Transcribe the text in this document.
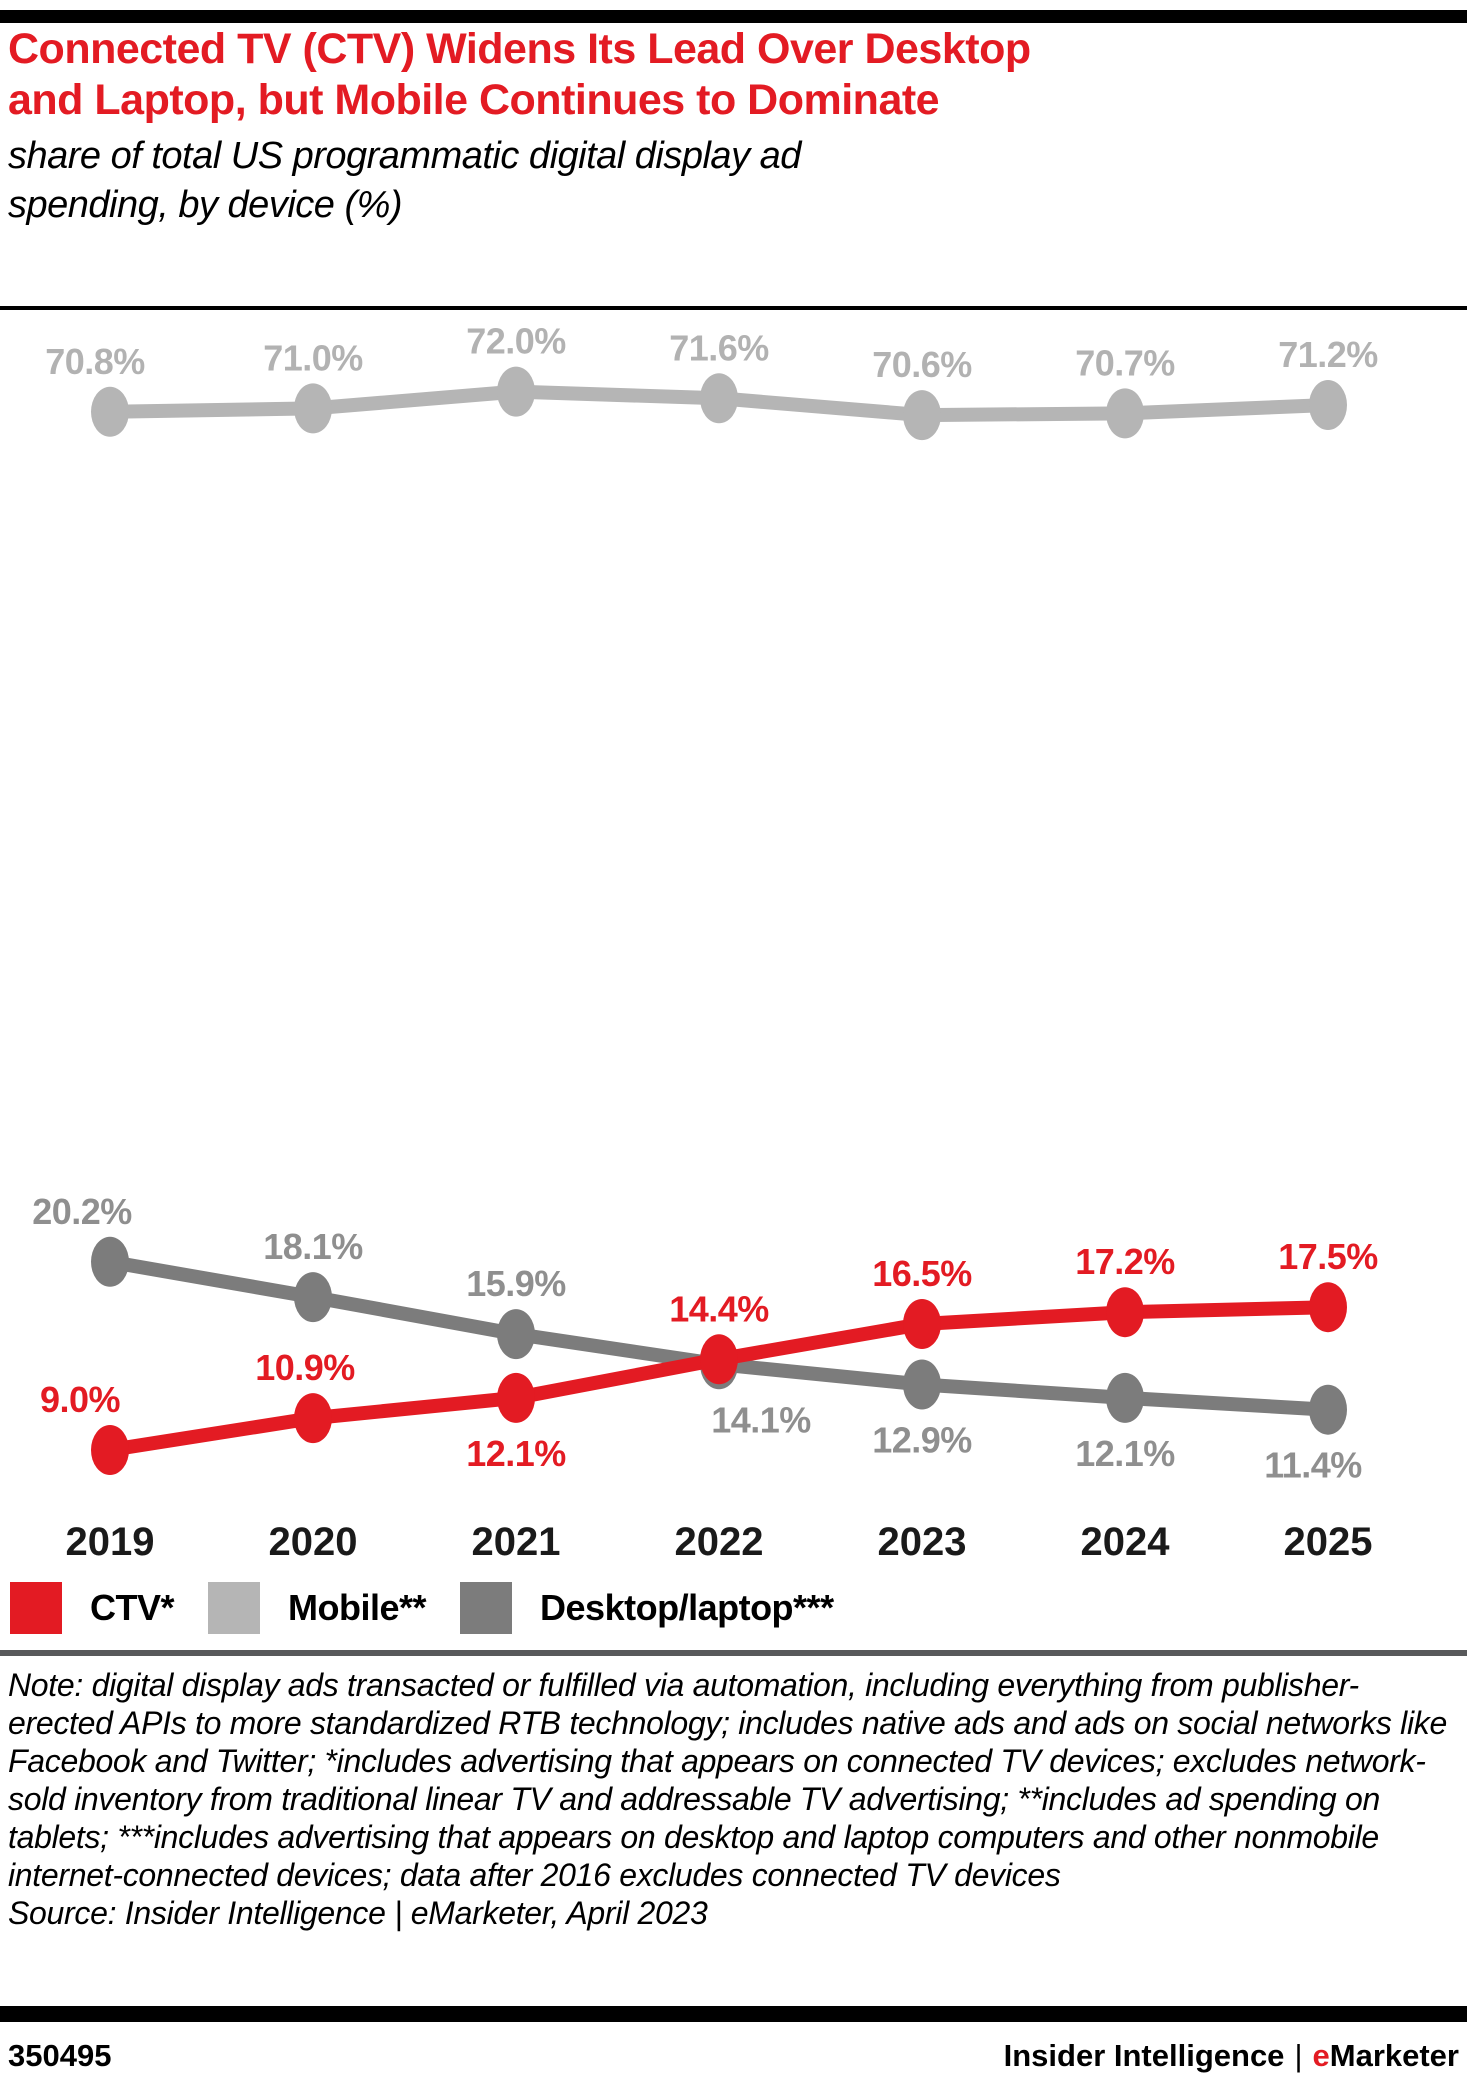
Connected TV (CTV) Widens Its Lead Over Desktop
and Laptop, but Mobile Continues to Dominate
share of total US programmatic digital display ad
spending, by device (%)
70.8%	71.0%	72.0%	71.6%	70.6%	70.7%	71.2%
20.2%
18.1%
15.9%
14.1% 12.9%	12.1% 11.4%
9.0%
10.9%
12.1%
14.4%
16.5%	17.2%	17.5%
2019	2020	2021	2022	2023	2024	2025
CTV*	Mobile**	Desktop/laptop***
Note: digital display ads transacted or fulfilled via automation, including everything from publisher-erected APIs to more standardized RTB technology; includes native ads and ads on social networks like Facebook and Twitter; *includes advertising that appears on connected TV devices; excludes network-sold inventory from traditional linear TV and addressable TV advertising; **includes ad spending on tablets; ***includes advertising that appears on desktop and laptop computers and other nonmobile internet-connected devices; data after 2016 excludes connected TV devices
Source: Insider Intelligence | eMarketer, April 2023
350495	Insider Intelligence | eMarketer
